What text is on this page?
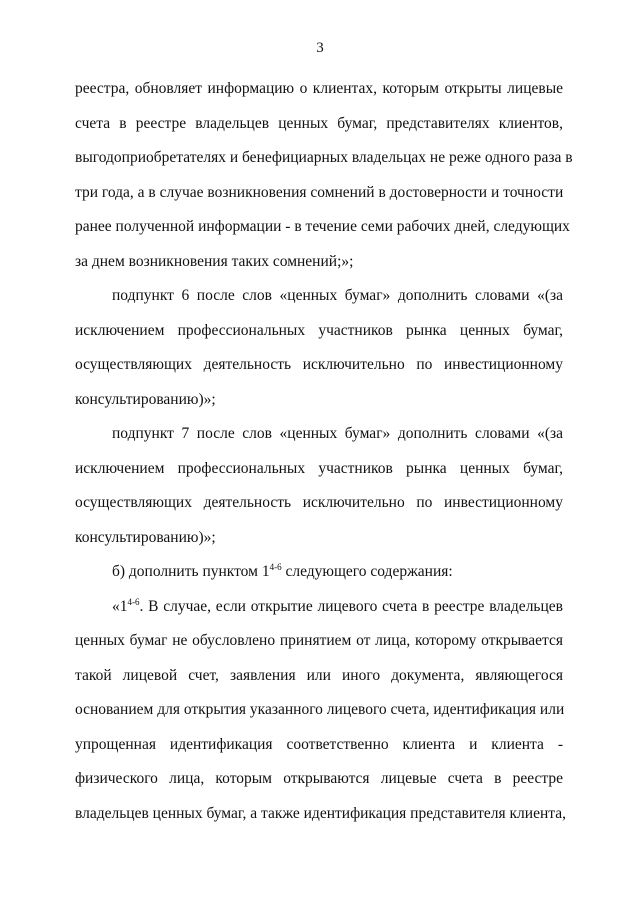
3
реестра, обновляет информацию о клиентах, которым открыты лицевые
счета в реестре владельцев ценных бумаг, представителях клиентов,
выгодоприобретателях и бенефициарных владельцах не реже одного раза в
три года, а в случае возникновения сомнений в достоверности и точности
ранее полученной информации - в течение семи рабочих дней, следующих
за днем возникновения таких сомнений;»;
подпункт 6 после слов «ценных бумаг» дополнить словами «(за
исключением профессиональных участников рынка ценных бумаг,
осуществляющих деятельность исключительно по инвестиционному
консультированию)»;
подпункт 7 после слов «ценных бумаг» дополнить словами «(за
исключением профессиональных участников рынка ценных бумаг,
осуществляющих деятельность исключительно по инвестиционному
консультированию)»;
б) дополнить пунктом 1$^{4-6}$ следующего содержания:
«1$^{4-6}$. В случае, если открытие лицевого счета в реестре владельцев
ценных бумаг не обусловлено принятием от лица, которому открывается
такой лицевой счет, заявления или иного документа, являющегося
основанием для открытия указанного лицевого счета, идентификация или
упрощенная идентификация соответственно клиента и клиента -
физического лица, которым открываются лицевые счета в реестре
владельцев ценных бумаг, а также идентификация представителя клиента,
